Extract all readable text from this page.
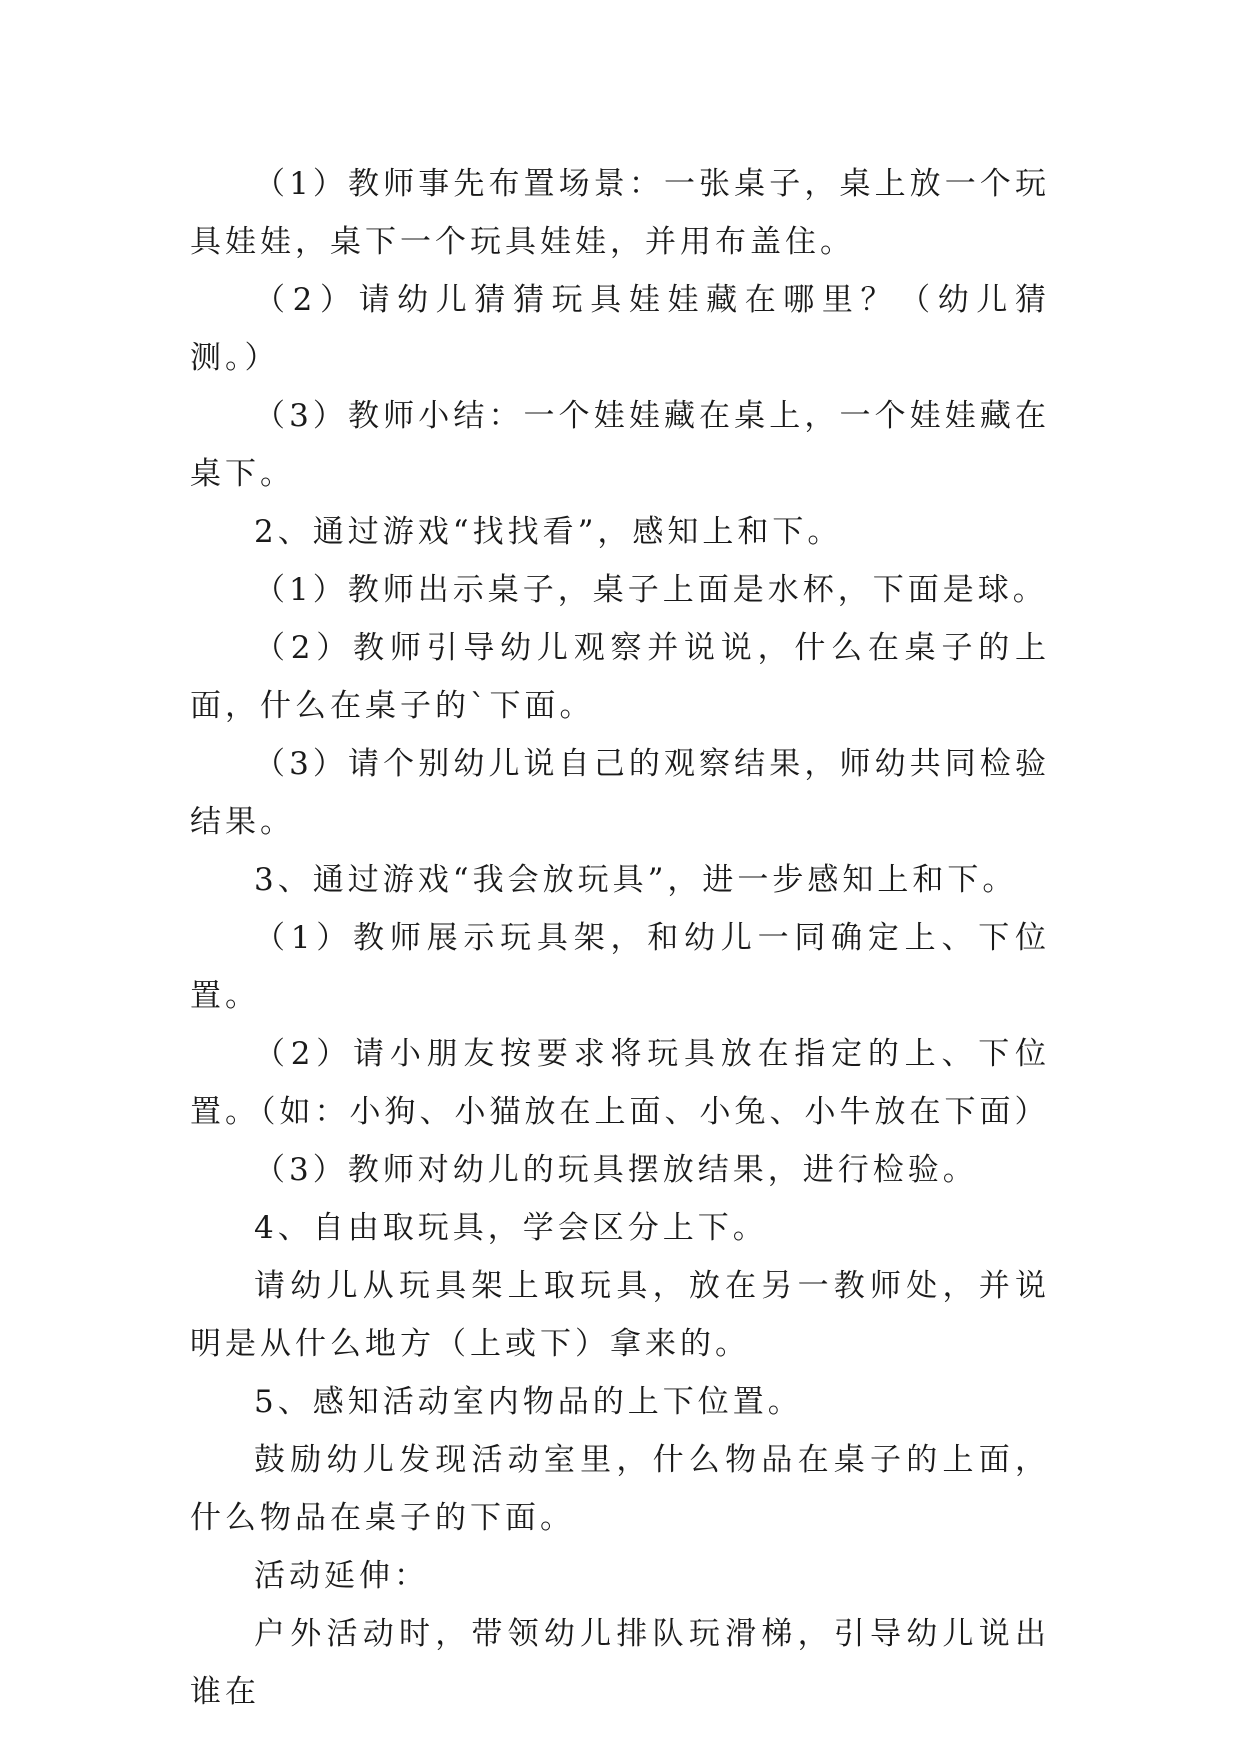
（1）教师事先布置场景：一张桌子，桌上放一个玩具娃娃，桌下一个玩具娃娃，并用布盖住。

（2）请幼儿猜猜玩具娃娃藏在哪里？（幼儿猜测。）

（3）教师小结：一个娃娃藏在桌上，一个娃娃藏在桌下。

2、通过游戏“找找看”，感知上和下。

（1）教师出示桌子，桌子上面是水杯，下面是球。

（2）教师引导幼儿观察并说说，什么在桌子的上面，什么在桌子的`下面。

（3）请个别幼儿说自己的观察结果，师幼共同检验结果。

3、通过游戏“我会放玩具”，进一步感知上和下。

（1）教师展示玩具架，和幼儿一同确定上、下位置。

（2）请小朋友按要求将玩具放在指定的上、下位置。（如：小狗、小猫放在上面、小兔、小牛放在下面）

（3）教师对幼儿的玩具摆放结果，进行检验。

4、自由取玩具，学会区分上下。

请幼儿从玩具架上取玩具，放在另一教师处，并说明是从什么地方（上或下）拿来的。

5、感知活动室内物品的上下位置。

鼓励幼儿发现活动室里，什么物品在桌子的上面，什么物品在桌子的下面。

活动延伸：

户外活动时，带领幼儿排队玩滑梯，引导幼儿说出谁在
